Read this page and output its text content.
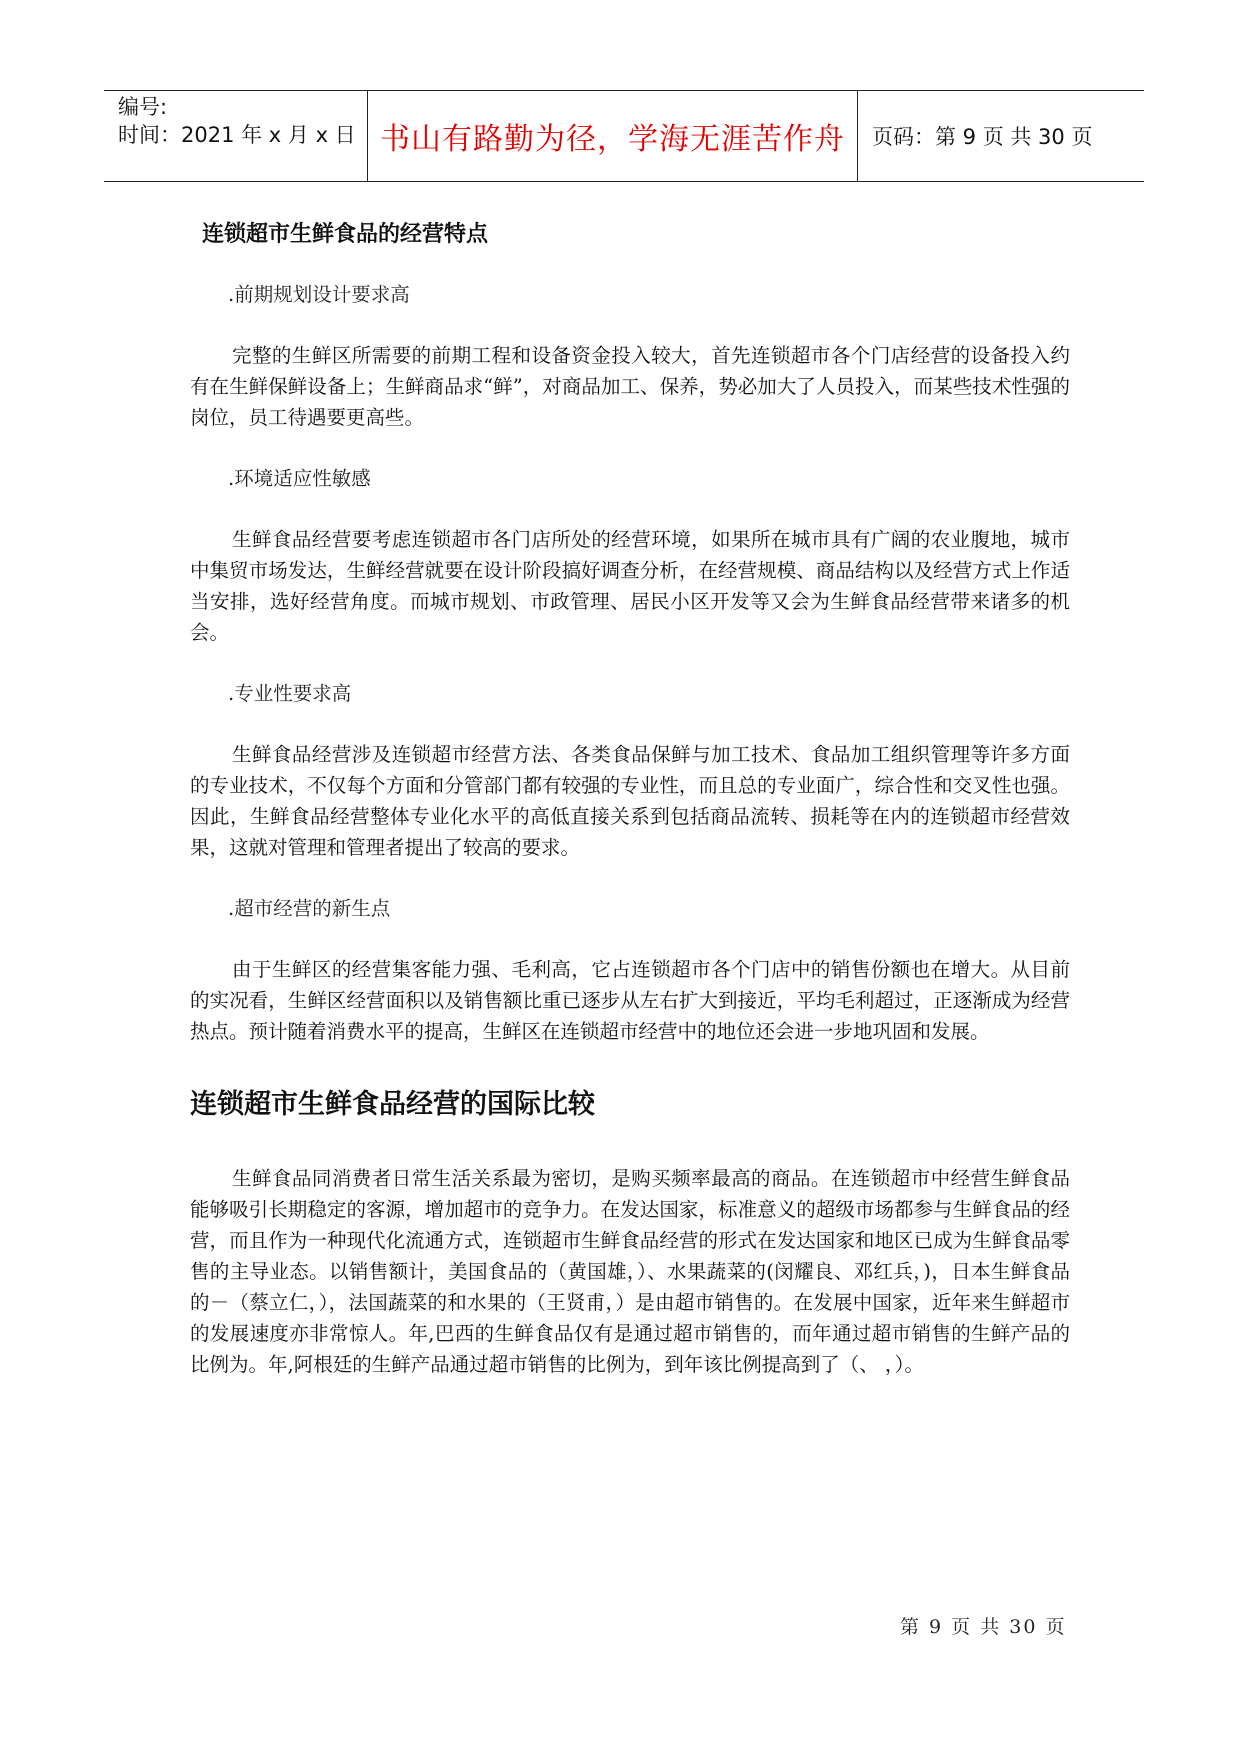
编号:
时间：2021 年 x 月 x 日 书山有路勤为径，学海无涯苦作舟	页码：第 9 页 共 30 页
连锁超市生鲜食品的经营特点

.前期规划设计要求高

完整的生鲜区所需要的前期工程和设备资金投入较大，首先连锁超市各个门店经营的设备投入约有在生鲜保鲜设备上；生鲜商品求“鲜”，对商品加工、保养，势必加大了人员投入，而某些技术性强的岗位，员工待遇要更高些。

.环境适应性敏感

生鲜食品经营要考虑连锁超市各门店所处的经营环境，如果所在城市具有广阔的农业腹地，城市中集贸市场发达，生鲜经营就要在设计阶段搞好调查分析，在经营规模、商品结构以及经营方式上作适当安排，选好经营角度。而城市规划、市政管理、居民小区开发等又会为生鲜食品经营带来诸多的机会。

.专业性要求高

生鲜食品经营涉及连锁超市经营方法、各类食品保鲜与加工技术、食品加工组织管理等许多方面的专业技术，不仅每个方面和分管部门都有较强的专业性，而且总的专业面广，综合性和交叉性也强。因此，生鲜食品经营整体专业化水平的高低直接关系到包括商品流转、损耗等在内的连锁超市经营效果，这就对管理和管理者提出了较高的要求。

.超市经营的新生点

由于生鲜区的经营集客能力强、毛利高，它占连锁超市各个门店中的销售份额也在增大。从目前的实况看，生鲜区经营面积以及销售额比重已逐步从左右扩大到接近，平均毛利超过，正逐渐成为经营热点。预计随着消费水平的提高，生鲜区在连锁超市经营中的地位还会进一步地巩固和发展。

连锁超市生鲜食品经营的国际比较

生鲜食品同消费者日常生活关系最为密切，是购买频率最高的商品。在连锁超市中经营生鲜食品能够吸引长期稳定的客源，增加超市的竞争力。在发达国家，标准意义的超级市场都参与生鲜食品的经营，而且作为一种现代化流通方式，连锁超市生鲜食品经营的形式在发达国家和地区已成为生鲜食品零售的主导业态。以销售额计，美国食品的（黄国雄，）、水果蔬菜的(闵耀良、邓红兵，)，日本生鲜食品的－（蔡立仁，），法国蔬菜的和水果的（王贤甫，）是由超市销售的。在发展中国家，近年来生鲜超市的发展速度亦非常惊人。年,巴西的生鲜食品仅有是通过超市销售的，而年通过超市销售的生鲜产品的比例为。年,阿根廷的生鲜产品通过超市销售的比例为，到年该比例提高到了（、 ，）。

第 9 页 共 30 页
